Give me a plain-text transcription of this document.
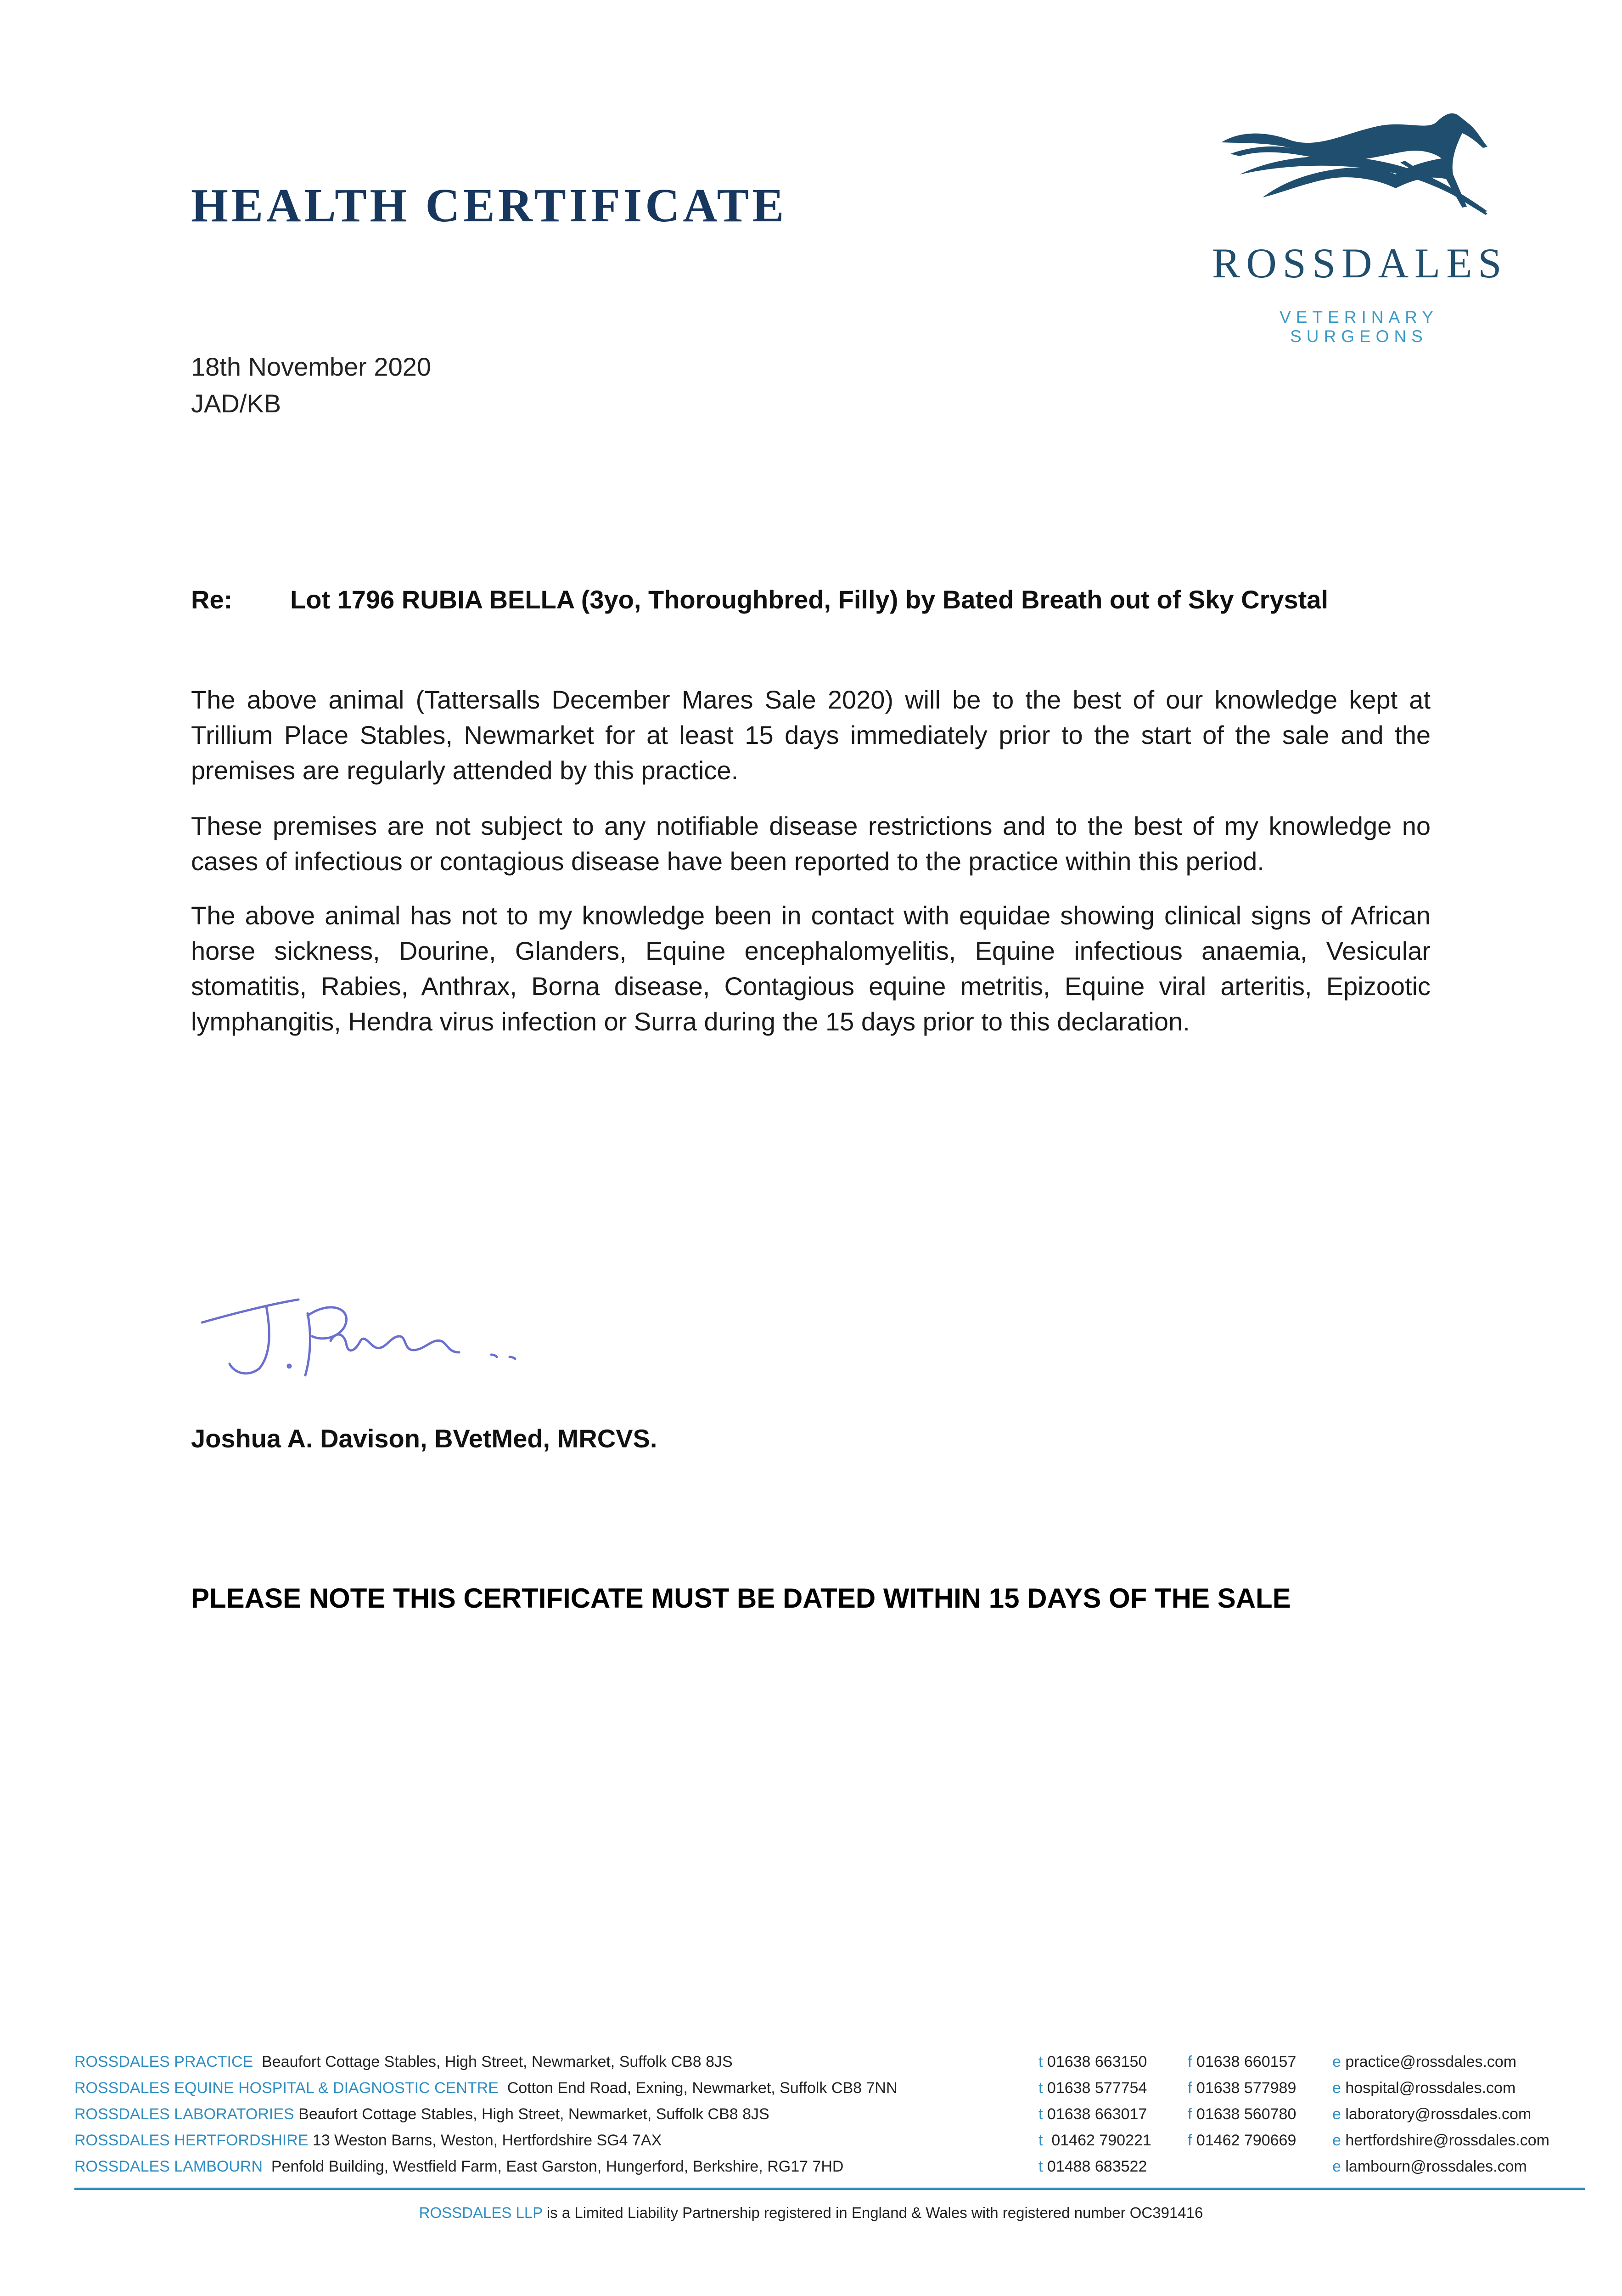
HEALTH CERTIFICATE
ROSSDALES
VETERINARY SURGEONS
18th November 2020
JAD/KB
Re: Lot 1796 RUBIA BELLA (3yo, Thoroughbred, Filly) by Bated Breath out of Sky Crystal

The above animal (Tattersalls December Mares Sale 2020) will be to the best of our knowledge kept at Trillium Place Stables, Newmarket for at least 15 days immediately prior to the start of the sale and the premises are regularly attended by this practice.

These premises are not subject to any notifiable disease restrictions and to the best of my knowledge no cases of infectious or contagious disease have been reported to the practice within this period.

The above animal has not to my knowledge been in contact with equidae showing clinical signs of African horse sickness, Dourine, Glanders, Equine encephalomyelitis, Equine infectious anaemia, Vesicular stomatitis, Rabies, Anthrax, Borna disease, Contagious equine metritis, Equine viral arteritis, Epizootic lymphangitis, Hendra virus infection or Surra during the 15 days prior to this declaration.

Joshua A. Davison, BVetMed, MRCVS.
PLEASE NOTE THIS CERTIFICATE MUST BE DATED WITHIN 15 DAYS OF THE SALE
ROSSDALES PRACTICE Beaufort Cottage Stables, High Street, Newmarket, Suffolk CB8 8JS	t 01638 663150	f 01638 660157 e practice@rossdales.com
ROSSDALES EQUINE HOSPITAL & DIAGNOSTIC CENTRE Cotton End Road, Exning, Newmarket, Suffolk CB8 7NN	t 01638 577754	f 01638 577989 e hospital@rossdales.com
ROSSDALES LABORATORIES Beaufort Cottage Stables, High Street, Newmarket, Suffolk CB8 8JS	t 01638 663017	f 01638 560780 e laboratory@rossdales.com
ROSSDALES HERTFORDSHIRE 13 Weston Barns, Weston, Hertfordshire SG4 7AX	t 01462 790221 f 01462 790669 e hertfordshire@rossdales.com
ROSSDALES LAMBOURN Penfold Building, Westfield Farm, East Garston, Hungerford, Berkshire, RG17 7HD	t 01488 683522	e lambourn@rossdales.com
ROSSDALES LLP is a Limited Liability Partnership registered in England & Wales with registered number OC391416
